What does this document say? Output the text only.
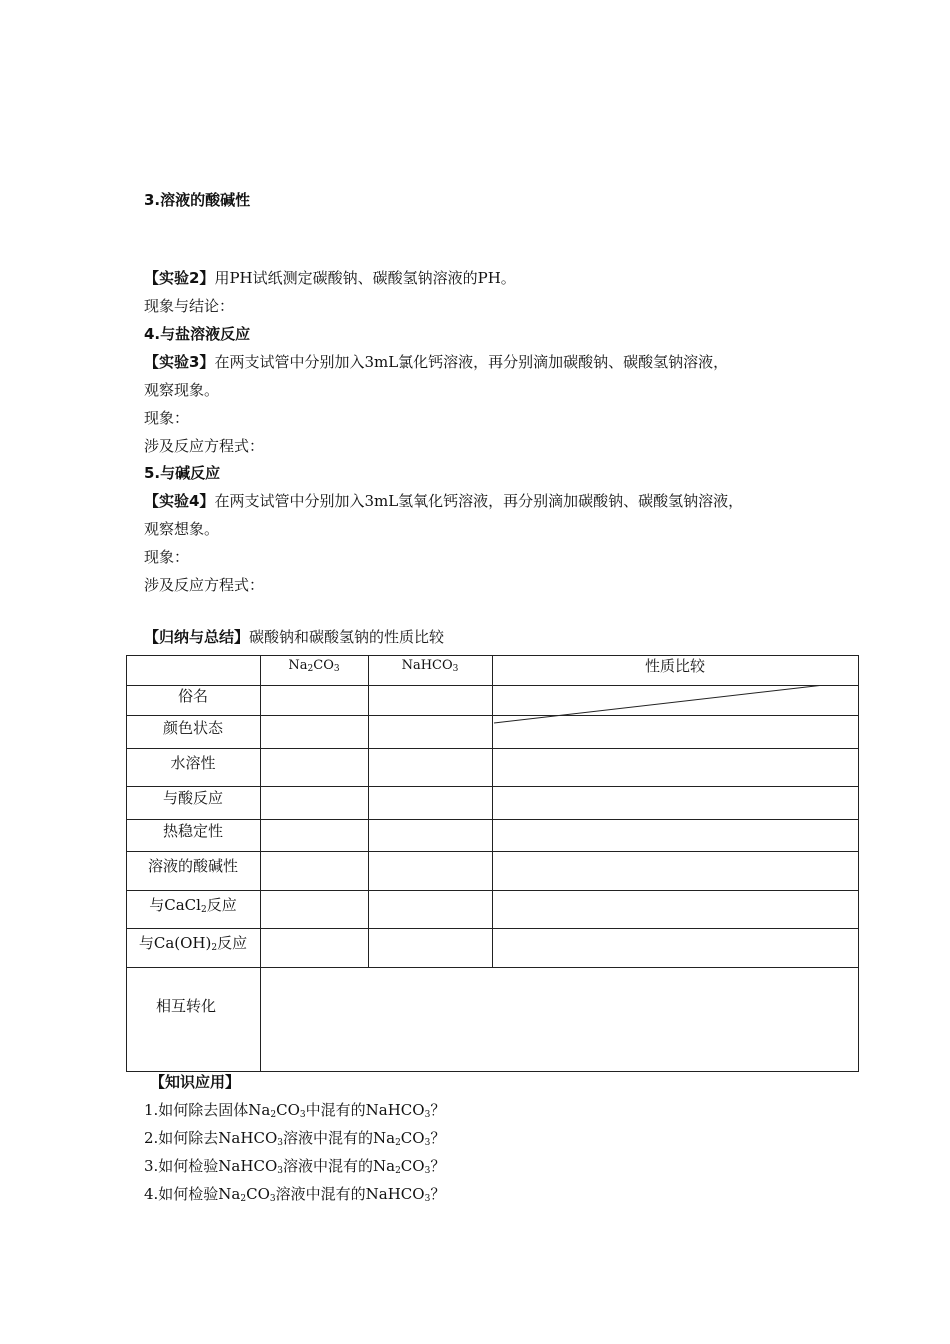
3.溶液的酸碱性
【实验2】用PH试纸测定碳酸钠、碳酸氢钠溶液的PH。
现象与结论：
4.与盐溶液反应
【实验3】在两支试管中分别加入3mL氯化钙溶液，再分别滴加碳酸钠、碳酸氢钠溶液，
观察现象。
现象：
涉及反应方程式：
5.与碱反应
【实验4】在两支试管中分别加入3mL氢氧化钙溶液，再分别滴加碳酸钠、碳酸氢钠溶液，
观察想象。
现象：
涉及反应方程式：
【归纳与总结】碳酸钠和碳酸氢钠的性质比较
$Na_2CO_3$	NaHCO$_3$	性质比较
俗名
颜色状态
水溶性
与酸反应
热稳定性
溶液的酸碱性
与CaCl$_2$反应
与$Ca(OH)_2$反应
相互转化
【知识应用】
1.如何除去固体$Na_2CO_3$中混有的NaHCO$_3$？
2.如何除去NaHCO$_3$溶液中混有的$Na_2CO_3$？
3.如何检验NaHCO$_3$溶液中混有的$Na_2CO_3$？
4.如何检验$Na_2CO_3$溶液中混有的NaHCO$_3$？
